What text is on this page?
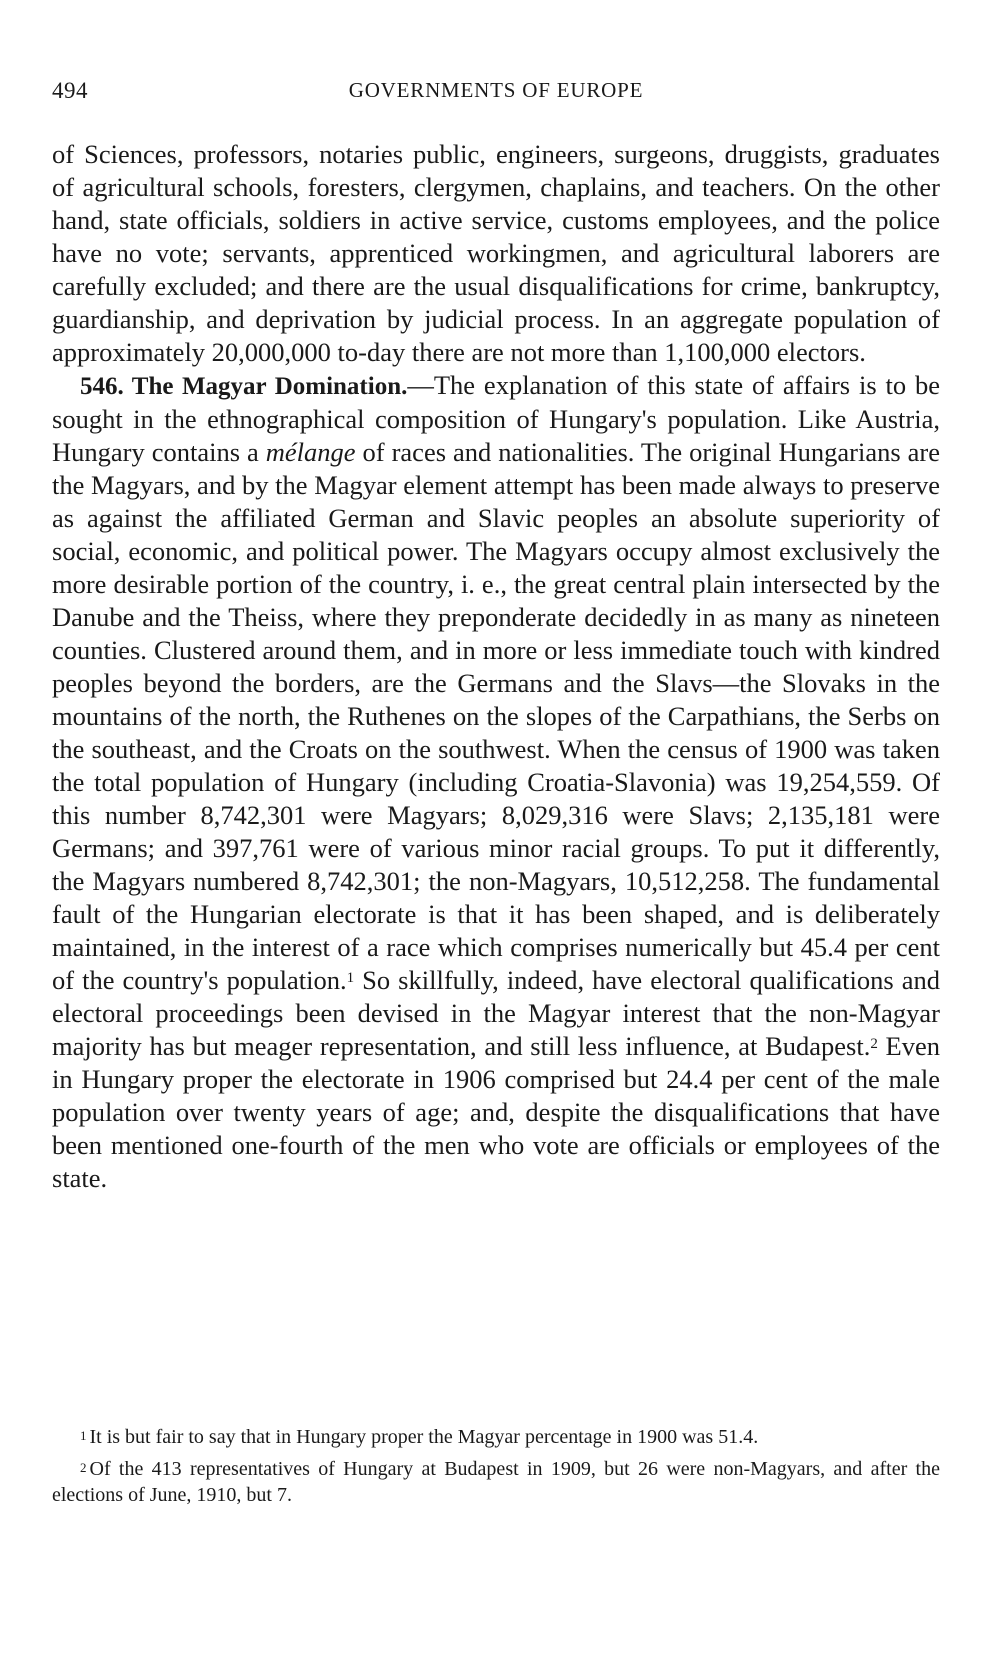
494	GOVERNMENTS OF EUROPE

of Sciences, professors, notaries public, engineers, surgeons, druggists, graduates of agricultural schools, foresters, clergymen, chaplains, and teachers. On the other hand, state officials, soldiers in active service, customs employees, and the police have no vote; servants, apprenticed workingmen, and agricultural laborers are carefully excluded; and there are the usual disqualifications for crime, bankruptcy, guardianship, and deprivation by judicial process. In an aggregate population of approximately 20,000,000 to-day there are not more than 1,100,000 electors.

546. The Magyar Domination.—The explanation of this state of affairs is to be sought in the ethnographical composition of Hungary's population. Like Austria, Hungary contains a mélange of races and nationalities. The original Hungarians are the Magyars, and by the Magyar element attempt has been made always to preserve as against the affiliated German and Slavic peoples an absolute superiority of social, economic, and political power. The Magyars occupy almost exclusively the more desirable portion of the country, i. e., the great central plain intersected by the Danube and the Theiss, where they preponderate decidedly in as many as nineteen counties. Clustered around them, and in more or less immediate touch with kindred peoples beyond the borders, are the Germans and the Slavs—the Slovaks in the mountains of the north, the Ruthenes on the slopes of the Carpathians, the Serbs on the southeast, and the Croats on the southwest. When the census of 1900 was taken the total population of Hungary (including Croatia-Slavonia) was 19,254,559. Of this number 8,742,301 were Magyars; 8,029,316 were Slavs; 2,135,181 were Germans; and 397,761 were of various minor racial groups. To put it differently, the Magyars numbered 8,742,301; the non-Magyars, 10,512,258. The fundamental fault of the Hungarian electorate is that it has been shaped, and is deliberately maintained, in the interest of a race which comprises numerically but 45.4 per cent of the country's population.$^1$ So skillfully, indeed, have electoral qualifications and electoral proceedings been devised in the Magyar interest that the non-Magyar majority has but meager representation, and still less influence, at Budapest.$^2$ Even in Hungary proper the electorate in 1906 comprised but 24.4 per cent of the male population over twenty years of age; and, despite the disqualifications that have been mentioned one-fourth of the men who vote are officials or employees of the state.

$^1$ It is but fair to say that in Hungary proper the Magyar percentage in 1900 was 51.4.

$^2$ Of the 413 representatives of Hungary at Budapest in 1909, but 26 were non-Magyars, and after the elections of June, 1910, but 7.
